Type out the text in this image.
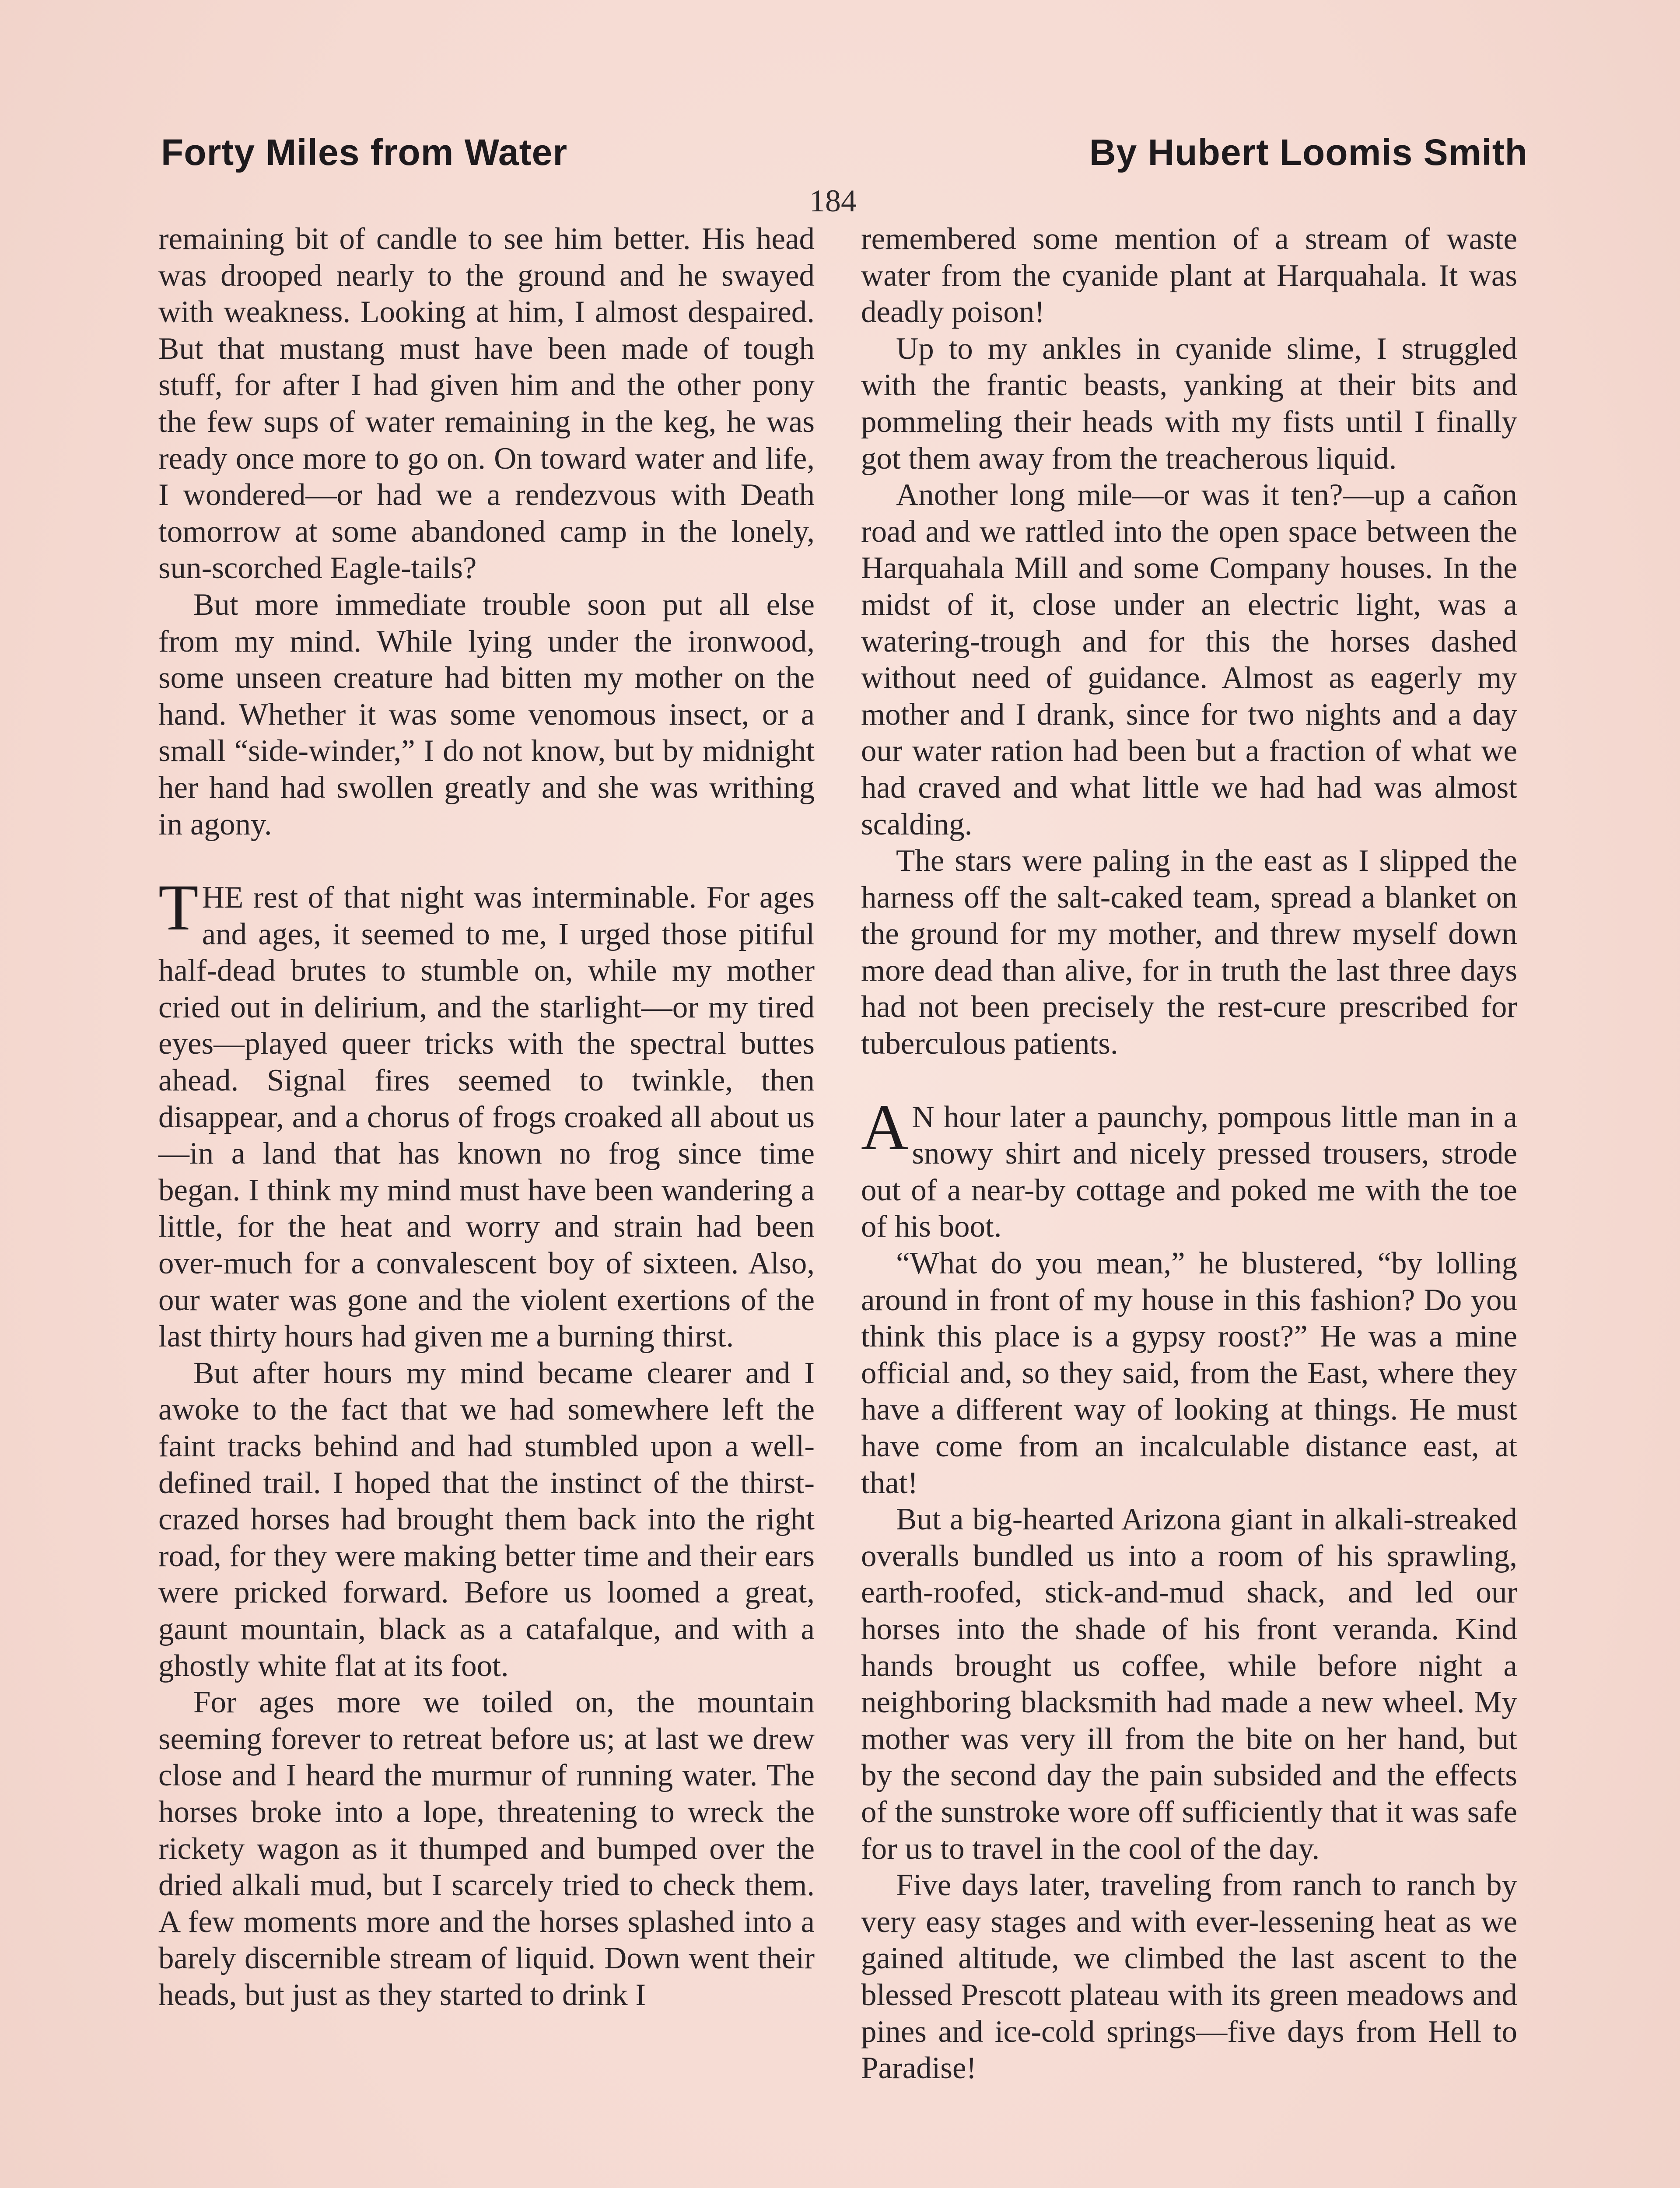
Forty Miles from Water	By Hubert Loomis Smith
184

remaining bit of candle to see him better. His head was drooped nearly to the ground and he swayed with weakness. Looking at him, I almost despaired. But that mustang must have been made of tough stuff, for after I had given him and the other pony the few sups of water remaining in the keg, he was ready once more to go on. On toward water and life, I wondered—or had we a rendezvous with Death tomorrow at some abandoned camp in the lonely, sun-scorched Eagle-tails?

But more immediate trouble soon put all else from my mind. While lying under the ironwood, some unseen creature had bitten my mother on the hand. Whether it was some venomous insect, or a small “side-winder,” I do not know, but by midnight her hand had swollen greatly and she was writhing in agony.

THE rest of that night was interminable. For ages and ages, it seemed to me, I urged those pitiful half-dead brutes to stumble on, while my mother cried out in delirium, and the starlight—or my tired eyes—played queer tricks with the spectral buttes ahead. Signal fires seemed to twinkle, then disappear, and a chorus of frogs croaked all about us—in a land that has known no frog since time began. I think my mind must have been wandering a little, for the heat and worry and strain had been over-much for a convalescent boy of sixteen. Also, our water was gone and the violent exertions of the last thirty hours had given me a burning thirst.

But after hours my mind became clearer and I awoke to the fact that we had somewhere left the faint tracks behind and had stumbled upon a well-defined trail. I hoped that the instinct of the thirst-crazed horses had brought them back into the right road, for they were making better time and their ears were pricked forward. Before us loomed a great, gaunt mountain, black as a catafalque, and with a ghostly white flat at its foot.

For ages more we toiled on, the mountain seeming forever to retreat before us; at last we drew close and I heard the murmur of running water. The horses broke into a lope, threatening to wreck the rickety wagon as it thumped and bumped over the dried alkali mud, but I scarcely tried to check them. A few moments more and the horses splashed into a barely discernible stream of liquid. Down went their heads, but just as they started to drink I

remembered some mention of a stream of waste water from the cyanide plant at Harquahala. It was deadly poison!

Up to my ankles in cyanide slime, I struggled with the frantic beasts, yanking at their bits and pommeling their heads with my fists until I finally got them away from the treacherous liquid.

Another long mile—or was it ten?—up a cañon road and we rattled into the open space between the Harquahala Mill and some Company houses. In the midst of it, close under an electric light, was a watering-trough and for this the horses dashed without need of guidance. Almost as eagerly my mother and I drank, since for two nights and a day our water ration had been but a fraction of what we had craved and what little we had had was almost scalding.

The stars were paling in the east as I slipped the harness off the salt-caked team, spread a blanket on the ground for my mother, and threw myself down more dead than alive, for in truth the last three days had not been precisely the rest-cure prescribed for tuberculous patients.

A N hour later a paunchy, pompous little man in a snowy shirt and nicely pressed trousers, strode out of a near-by cottage and poked me with the toe of his boot.

“What do you mean,” he blustered, “by lolling around in front of my house in this fashion? Do you think this place is a gypsy roost?” He was a mine official and, so they said, from the East, where they have a different way of looking at things. He must have come from an incalculable distance east, at that!

But a big-hearted Arizona giant in alkali-streaked overalls bundled us into a room of his sprawling, earth-roofed, stick-and-mud shack, and led our horses into the shade of his front veranda. Kind hands brought us coffee, while before night a neighboring blacksmith had made a new wheel. My mother was very ill from the bite on her hand, but by the second day the pain subsided and the effects of the sunstroke wore off sufficiently that it was safe for us to travel in the cool of the day.

Five days later, traveling from ranch to ranch by very easy stages and with ever-lessening heat as we gained altitude, we climbed the last ascent to the blessed Prescott plateau with its green meadows and pines and ice-cold springs—five days from Hell to Paradise!
